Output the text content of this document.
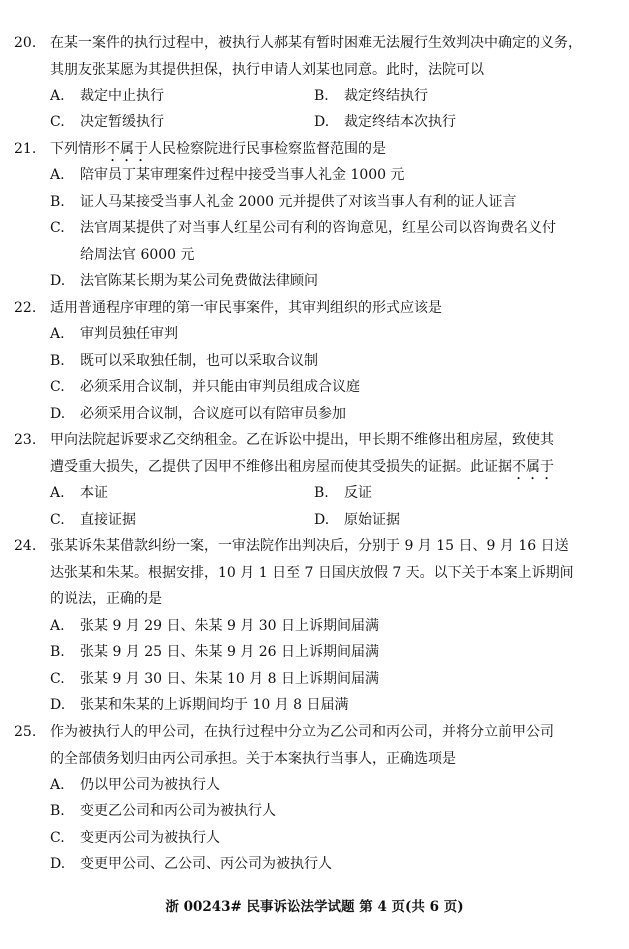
20. 在某一案件的执行过程中，被执行人郝某有暂时困难无法履行生效判决中确定的义务，
其朋友张某愿为其提供担保，执行申请人刘某也同意。此时，法院可以
A. 裁定中止执行	B. 裁定终结执行
C. 决定暂缓执行	D. 裁定终结本次执行
21. 下列情形不属于人民检察院进行民事检察监督范围的是
A. 陪审员丁某审理案件过程中接受当事人礼金 1000 元
B. 证人马某接受当事人礼金 2000 元并提供了对该当事人有利的证人证言
C. 法官周某提供了对当事人红星公司有利的咨询意见，红星公司以咨询费名义付
给周法官 6000 元
D. 法官陈某长期为某公司免费做法律顾问
22. 适用普通程序审理的第一审民事案件，其审判组织的形式应该是
A. 审判员独任审判
B. 既可以采取独任制，也可以采取合议制
C. 必须采用合议制，并只能由审判员组成合议庭
D. 必须采用合议制，合议庭可以有陪审员参加
23. 甲向法院起诉要求乙交纳租金。乙在诉讼中提出，甲长期不维修出租房屋，致使其
遭受重大损失，乙提供了因甲不维修出租房屋而使其受损失的证据。此证据不属于
A. 本证	B. 反证
C. 直接证据	D. 原始证据
24. 张某诉朱某借款纠纷一案，一审法院作出判决后，分别于 9 月 15 日、9 月 16 日送
达张某和朱某。根据安排，10 月 1 日至 7 日国庆放假 7 天。以下关于本案上诉期间
的说法，正确的是
A. 张某 9 月 29 日、朱某 9 月 30 日上诉期间届满
B. 张某 9 月 25 日、朱某 9 月 26 日上诉期间届满
C. 张某 9 月 30 日、朱某 10 月 8 日上诉期间届满
D. 张某和朱某的上诉期间均于 10 月 8 日届满
25. 作为被执行人的甲公司，在执行过程中分立为乙公司和丙公司，并将分立前甲公司
的全部债务划归由丙公司承担。关于本案执行当事人，正确选项是
A. 仍以甲公司为被执行人
B. 变更乙公司和丙公司为被执行人
C. 变更丙公司为被执行人
D. 变更甲公司、乙公司、丙公司为被执行人
浙 00243# 民事诉讼法学试题 第 4 页(共 6 页)
